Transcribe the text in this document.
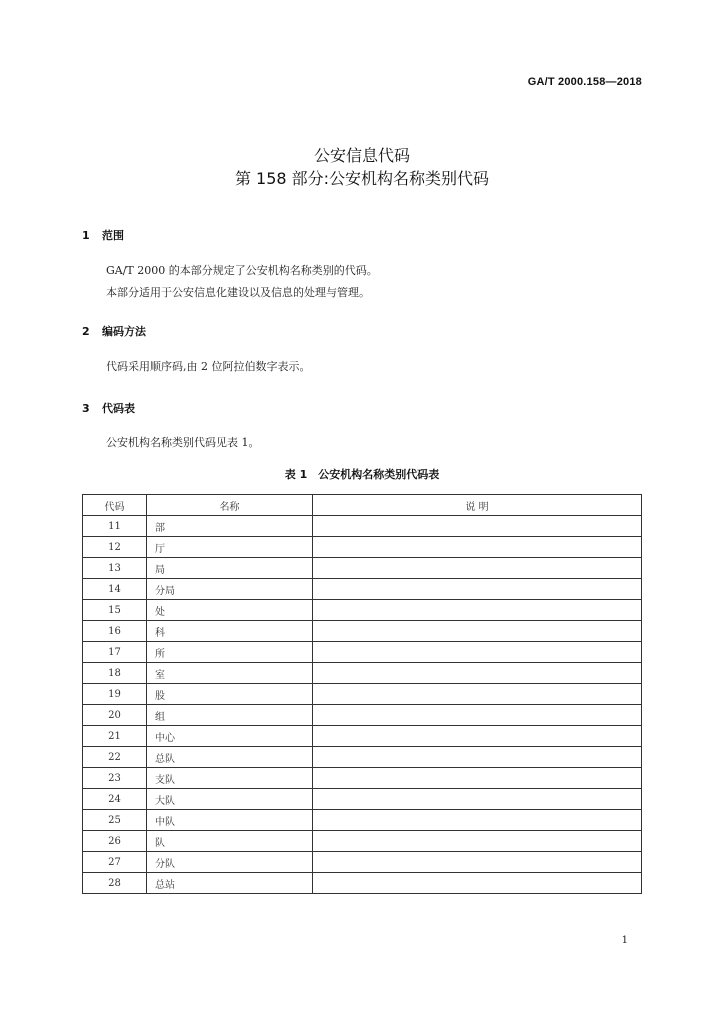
GA/T 2000.158—2018
公安信息代码
第 158 部分:公安机构名称类别代码
1 范围
GA/T 2000 的本部分规定了公安机构名称类别的代码。
本部分适用于公安信息化建设以及信息的处理与管理。
2 编码方法
代码采用顺序码,由 2 位阿拉伯数字表示。
3 代码表
公安机构名称类别代码见表 1。
表 1　公安机构名称类别代码表
代码	名称	说 明
11	部	
12	厅	
13	局	
14	分局	
15	处	
16	科	
17	所	
18	室	
19	股	
20	组	
21	中心	
22	总队	
23	支队	
24	大队	
25	中队	
26	队	
27	分队	
28	总站	
1
